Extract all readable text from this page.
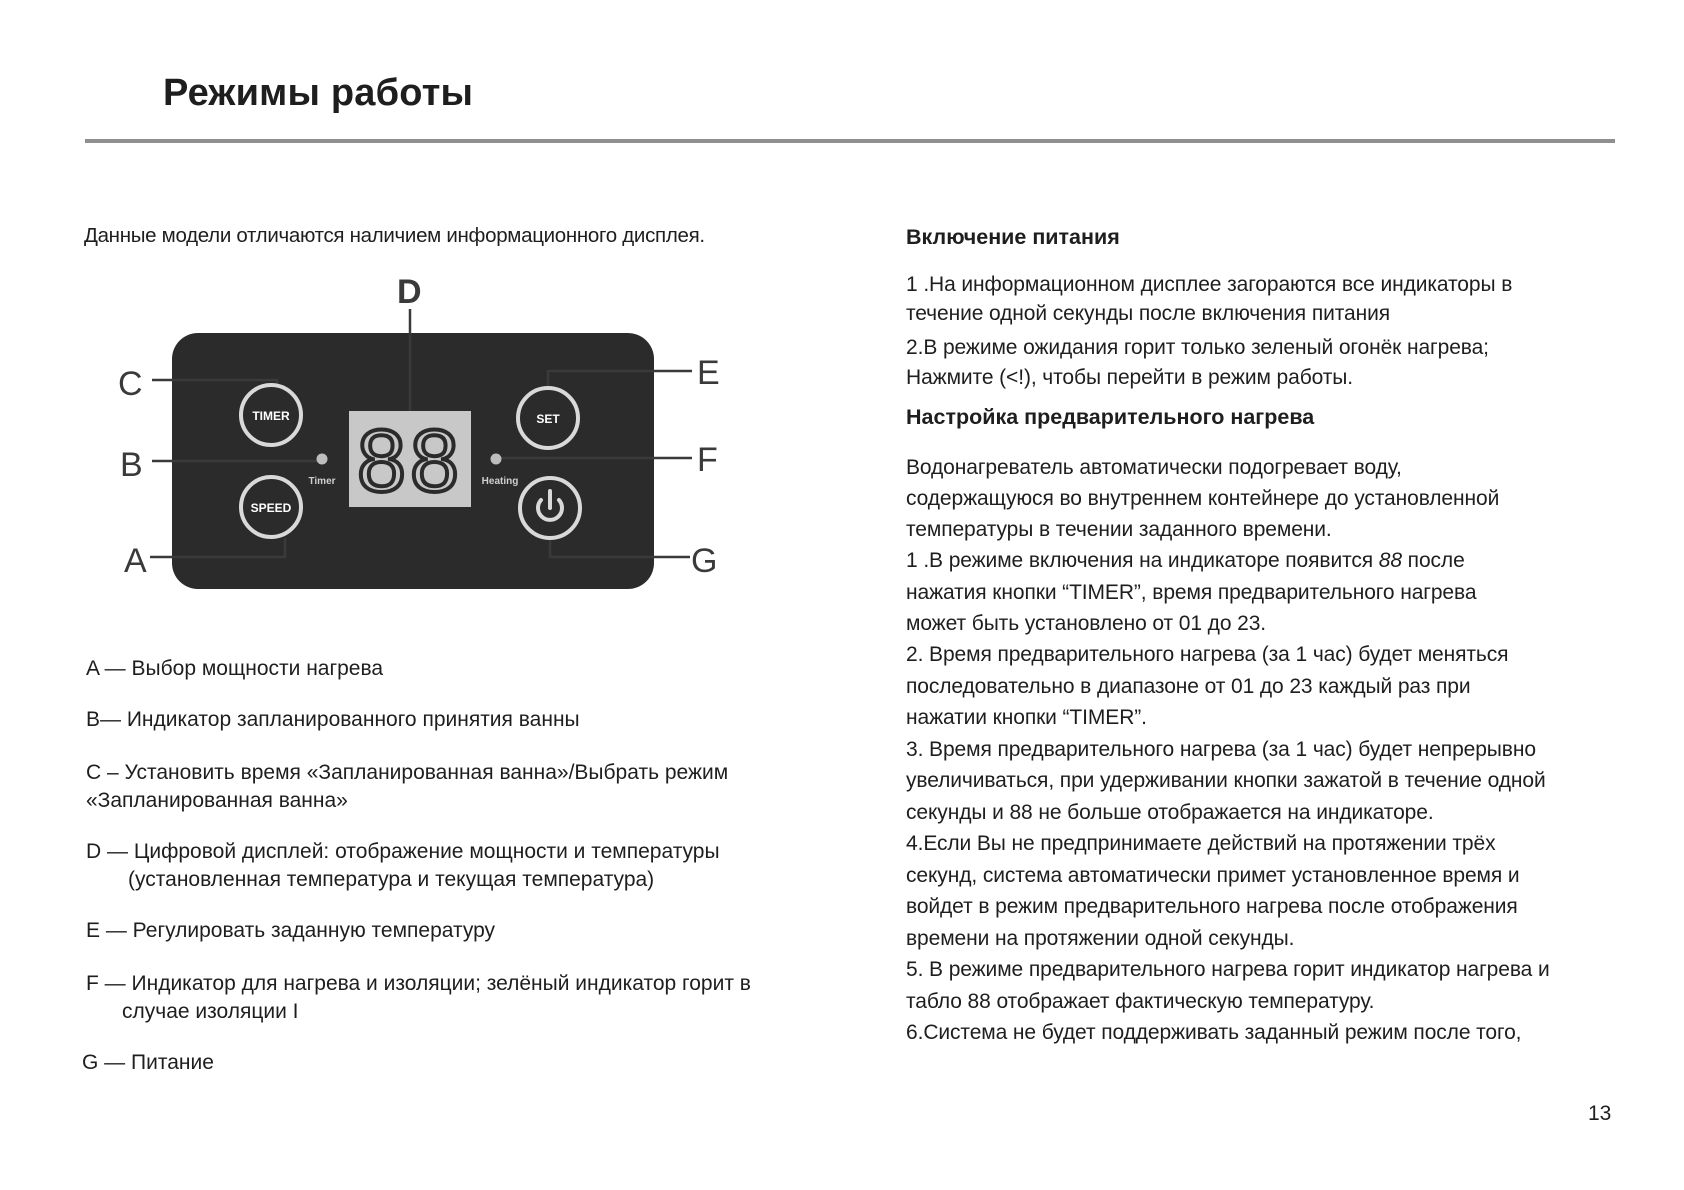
Режимы работы
Данные модели отличаются наличием информационного дисплея.
88
Timer	Heating
TIMER
SPEED
SET
D
C
B
A
E
F
G
A — Выбор мощности нагрева
B— Индикатор запланированного принятия ванны
C – Установить время «Запланированная ванна»/Выбрать режим
«Запланированная ванна»
D — Цифровой дисплей: отображение мощности и температуры
(установленная температура и текущая температура)
E — Регулировать заданную температуру
F — Индикатор для нагрева и изоляции; зелёный индикатор горит в
случае изоляции I
G — Питание
Включение питания
1 .На информационном дисплее загораются все индикаторы в
течение одной секунды после включения питания
2.В режиме ожидания горит только зеленый огонёк нагрева;
Нажмите (<!), чтобы перейти в режим работы.
Настройка предварительного нагрева
Водонагреватель автоматически подогревает воду,
содержащуюся во внутреннем контейнере до установленной
температуры в течении заданного времени.
1 .В режиме включения на индикаторе появится 88 после
нажатия кнопки “TIMER”, время предварительного нагрева
может быть установлено от 01 до 23.
2. Время предварительного нагрева (за 1 час) будет меняться
последовательно в диапазоне от 01 до 23 каждый раз при
нажатии кнопки “TIMER”.
3. Время предварительного нагрева (за 1 час) будет непрерывно
увеличиваться, при удерживании кнопки зажатой в течение одной
секунды и 88 не больше отображается на индикаторе.
4.Если Вы не предпринимаете действий на протяжении трёх
секунд, система автоматически примет установленное время и
войдет в режим предварительного нагрева после отображения
времени на протяжении одной секунды.
5. В режиме предварительного нагрева горит индикатор нагрева и
табло 88 отображает фактическую температуру.
6.Система не будет поддерживать заданный режим после того,
13
